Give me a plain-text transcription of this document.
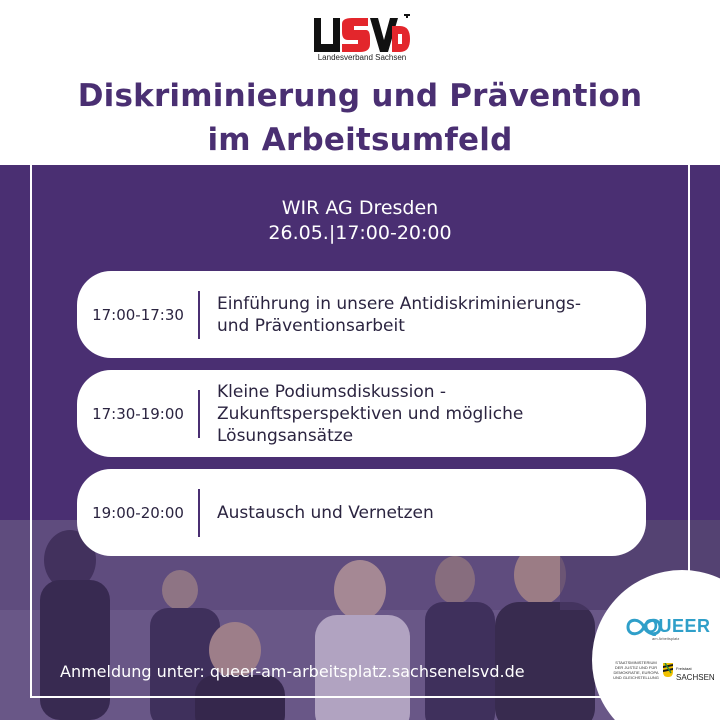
Landesverband Sachsen
Diskriminierung und Prävention
im Arbeitsumfeld
WIR AG Dresden
26.05.|17:00-20:00
17:00-17:30
Einführung in unsere Antidiskriminierungs-
und Präventionsarbeit
17:30-19:00
Kleine Podiumsdiskussion -
Zukunftsperspektiven und mögliche
Lösungsansätze
19:00-20:00	Austausch und Vernetzen
Anmeldung unter: queer-am-arbeitsplatz.sachsenelsvd.de
QUEER
am Arbeitsplatz
STAATSMINISTERIUM DER JUSTIZ UND FÜR DEMOKRATIE, EUROPA UND GLEICHSTELLUNG
Freistaat
SACHSEN
